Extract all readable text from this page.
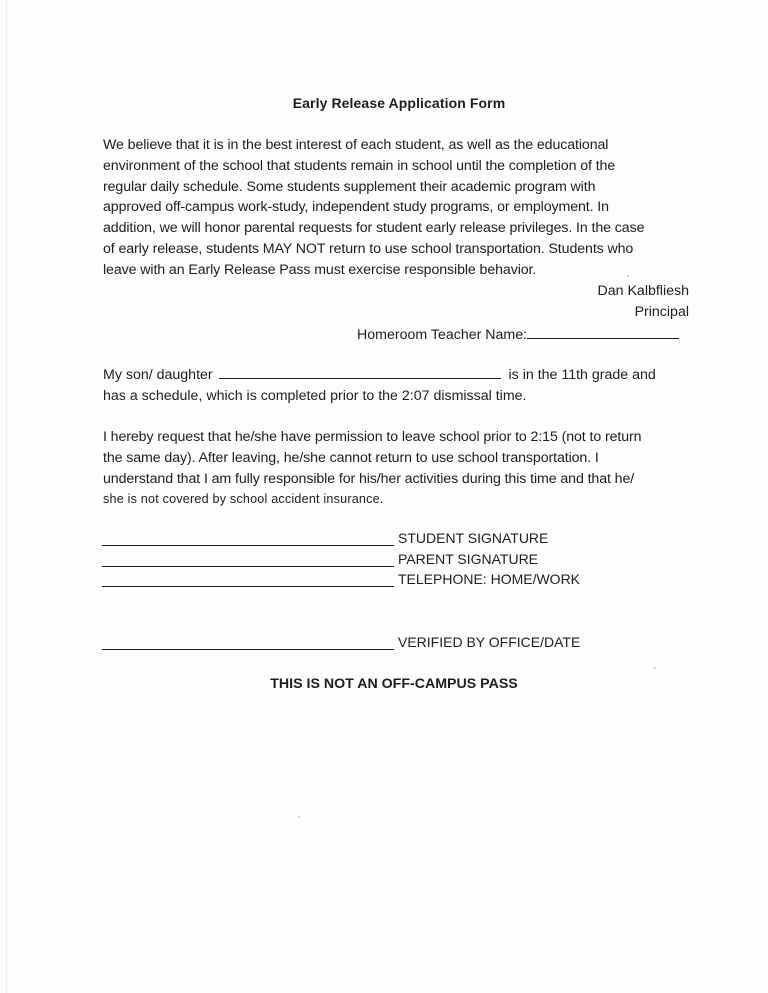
Early Release Application Form
We believe that it is in the best interest of each student, as well as the educational
environment of the school that students remain in school until the completion of the
regular daily schedule. Some students supplement their academic program with
approved off-campus work-study, independent study programs, or employment. In
addition, we will honor parental requests for student early release privileges. In the case
of early release, students MAY NOT return to use school transportation. Students who
leave with an Early Release Pass must exercise responsible behavior.
Dan Kalbfliesh
Principal
Homeroom Teacher Name:
My son/ daughter	is in the 11th grade and
has a schedule, which is completed prior to the 2:07 dismissal time.
I hereby request that he/she have permission to leave school prior to 2:15 (not to return
the same day). After leaving, he/she cannot return to use school transportation. I
understand that I am fully responsible for his/her activities during this time and that he/
she is not covered by school accident insurance.
STUDENT SIGNATURE
PARENT SIGNATURE
TELEPHONE: HOME/WORK
VERIFIED BY OFFICE/DATE
THIS IS NOT AN OFF-CAMPUS PASS
